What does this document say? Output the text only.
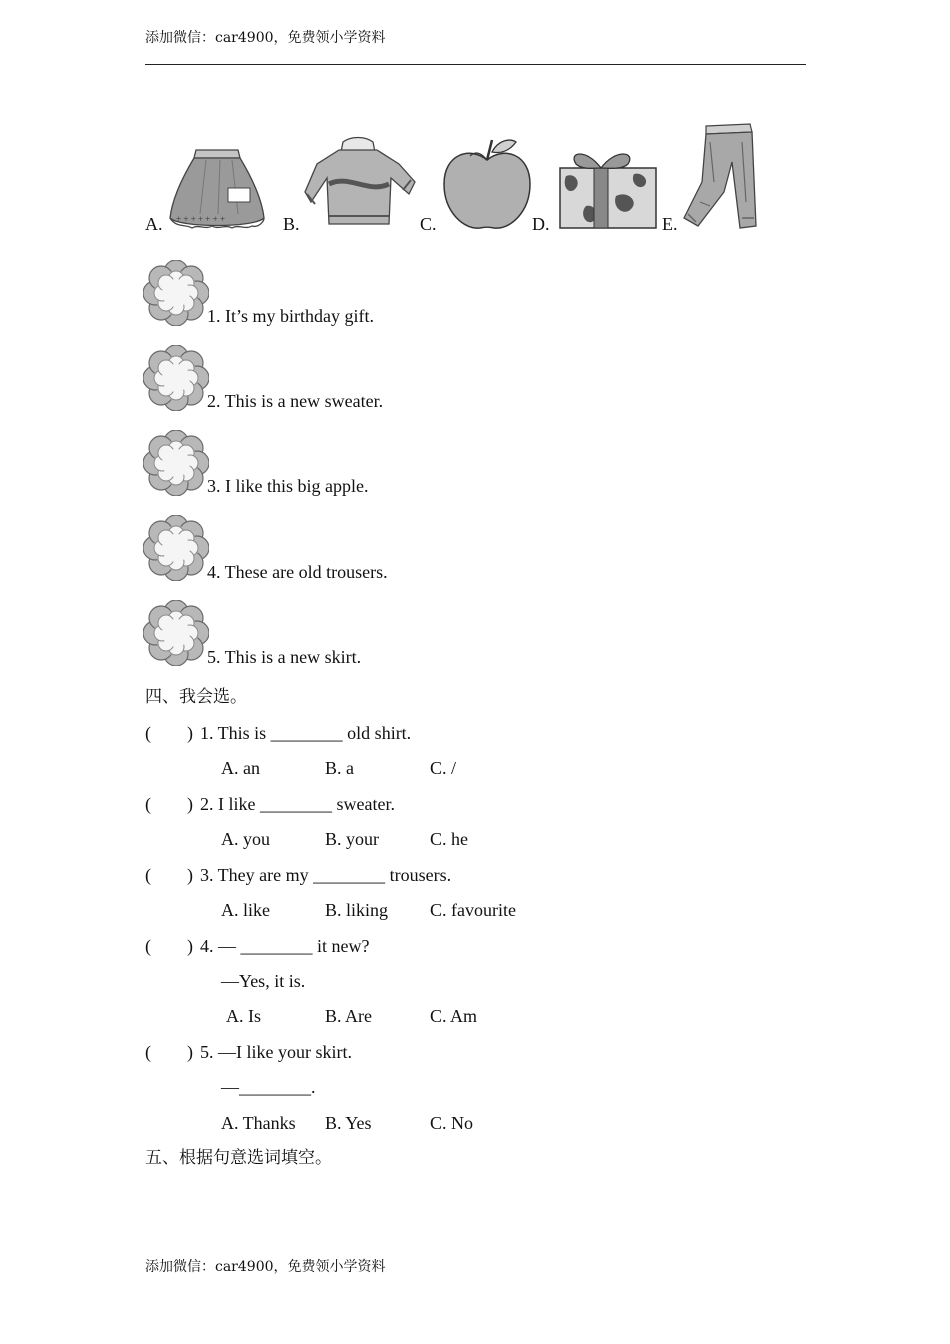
添加微信：car4900，免费领小学资料
A. + + + + + + +	B.	C.	D.	E.
1. It’s my birthday gift.
2. This is a new sweater.
3. I like this big apple.
4. These are old trousers.
5. This is a new skirt.
四、我会选。
(        ) 1. This is ________ old shirt.
A. an	B. a	C. /
(        ) 2. I like ________ sweater.
A. you	B. your	C. he
(        ) 3. They are my ________ trousers.
A. like	B. liking C. favourite
(        ) 4. — ________ it new?
—Yes, it is.
A. Is	B. Are	C. Am
(        ) 5. —I like your skirt.
—________.
A. Thanks B. Yes	C. No
五、根据句意选词填空。
添加微信：car4900，免费领小学资料
